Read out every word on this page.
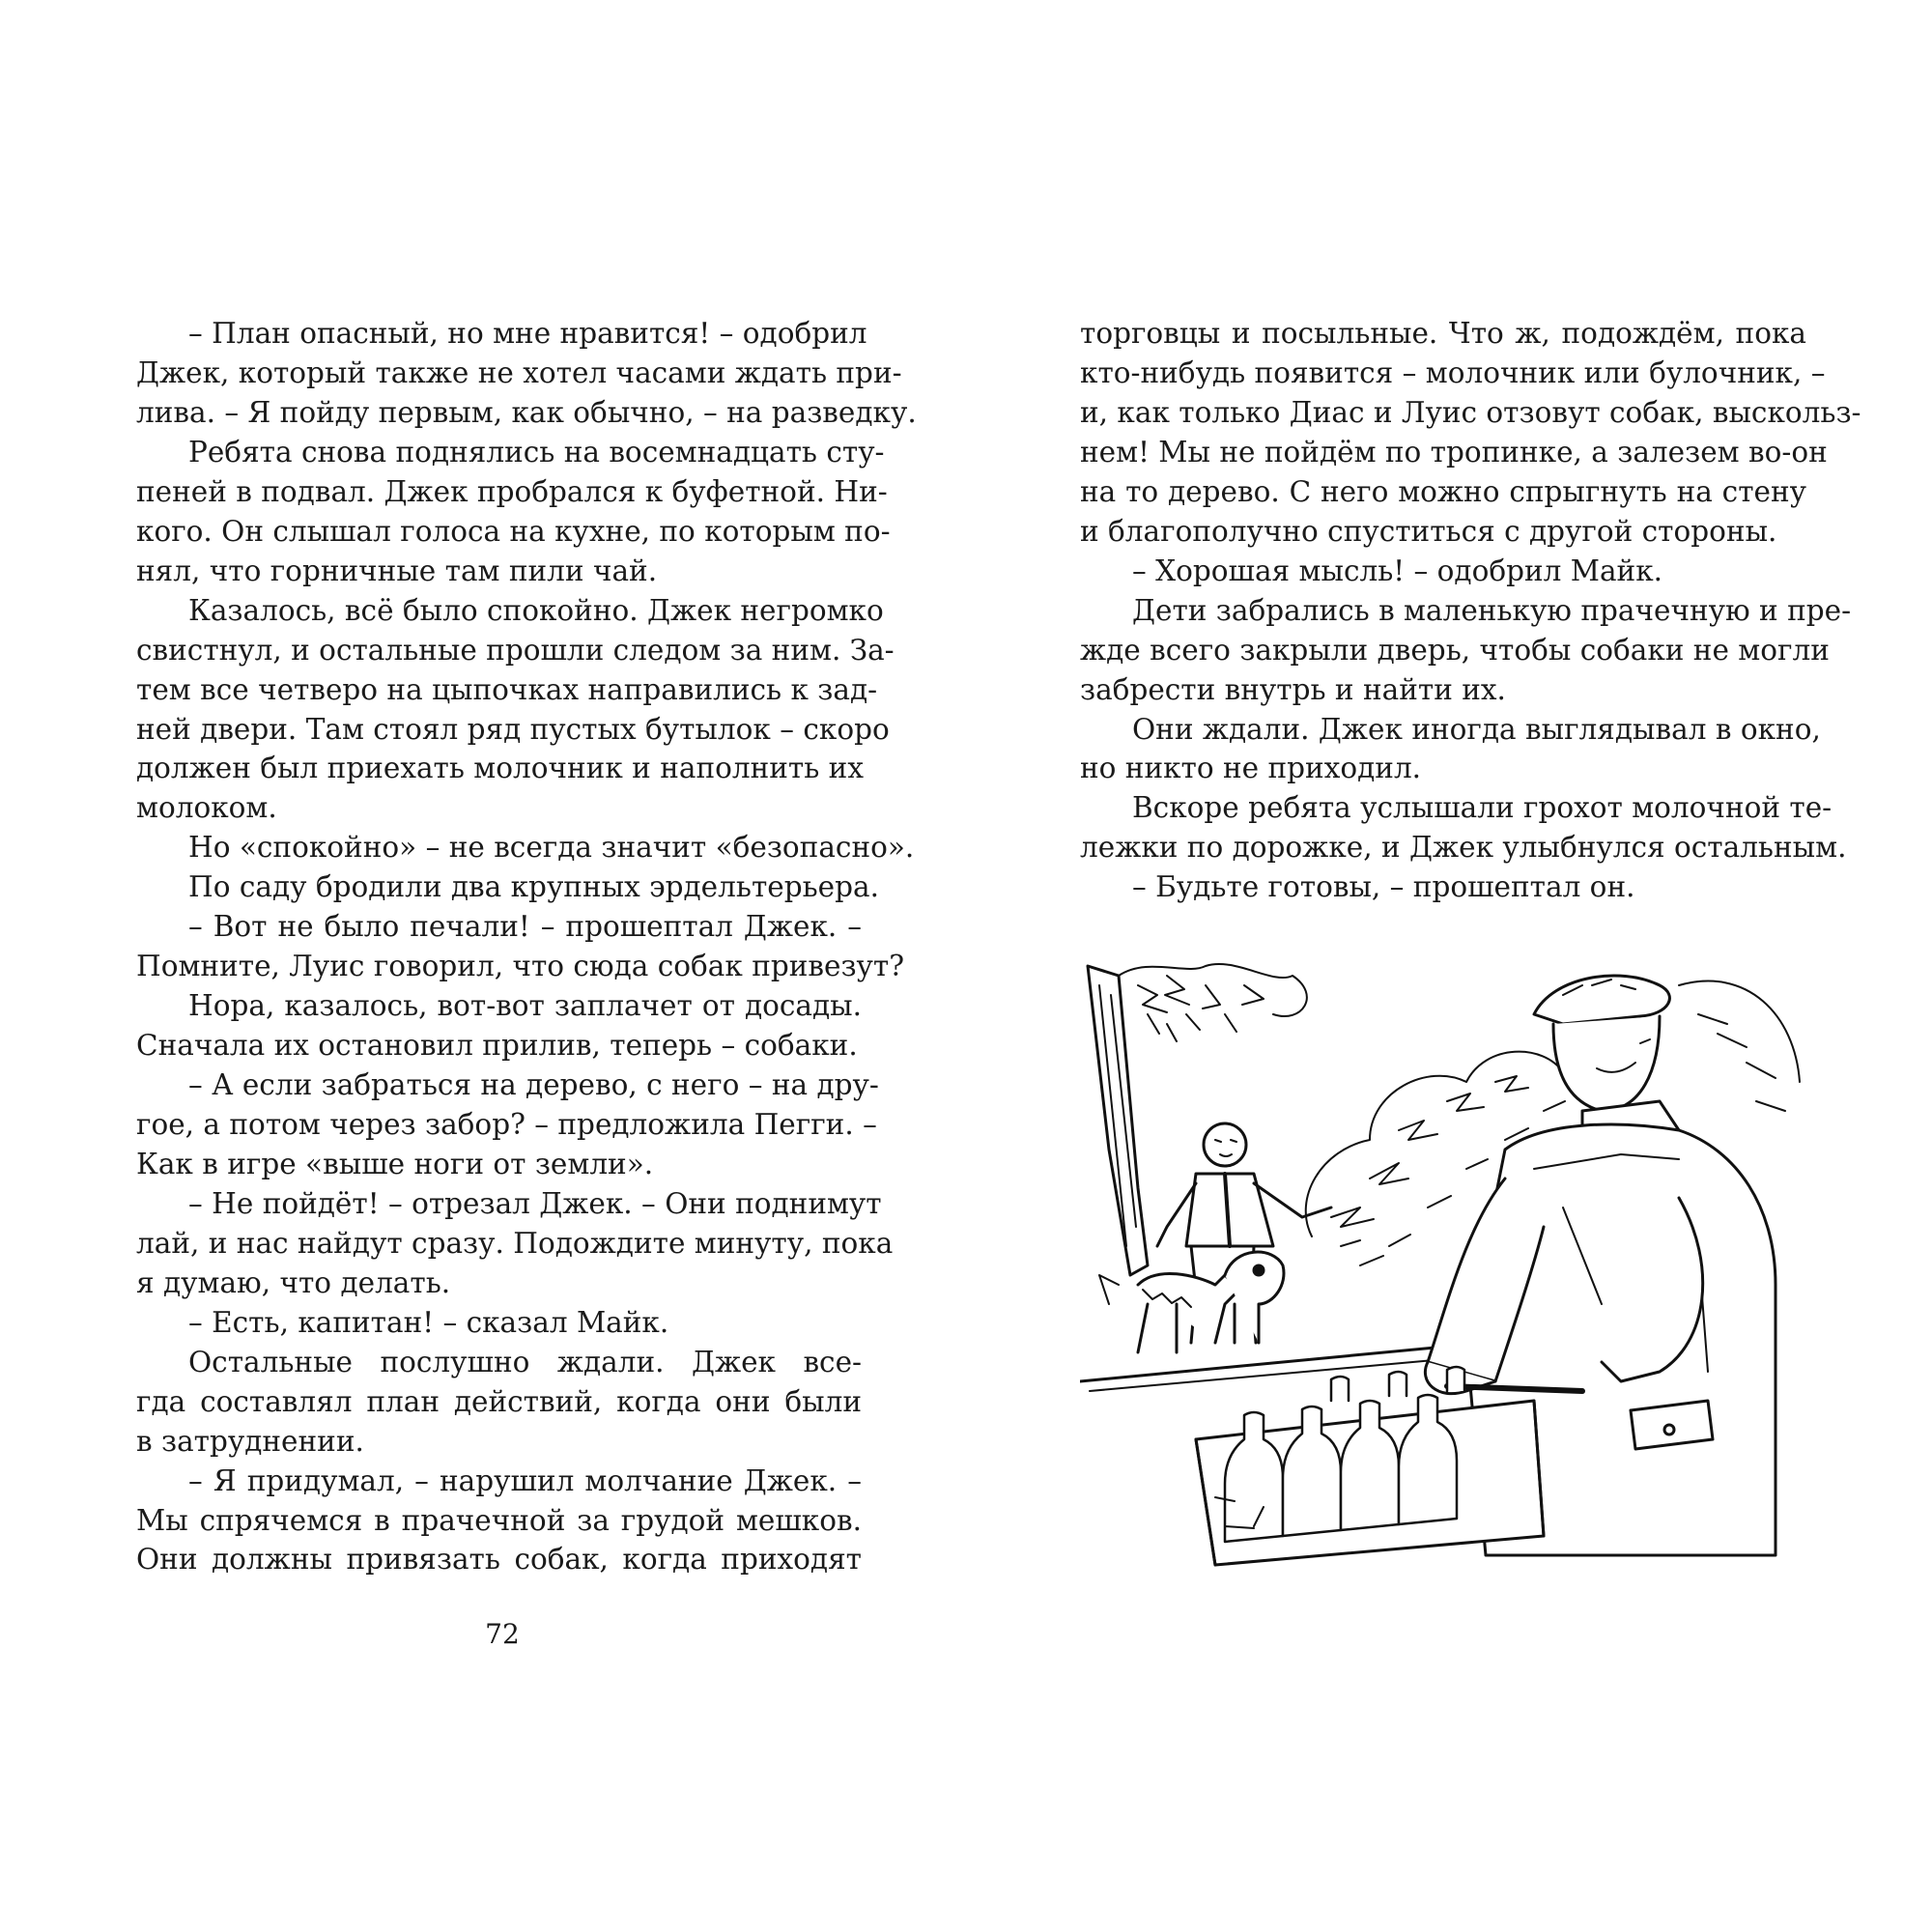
– План опасный, но мне нравится! – одобрил
Джек, который также не хотел часами ждать при-
лива. – Я пойду первым, как обычно, – на разведку.
Ребята снова поднялись на восемнадцать сту-
пеней в подвал. Джек пробрался к буфетной. Ни-
кого. Он слышал голоса на кухне, по которым по-
нял, что горничные там пили чай.
Казалось, всё было спокойно. Джек негромко
свистнул, и остальные прошли следом за ним. За-
тем все четверо на цыпочках направились к зад-
ней двери. Там стоял ряд пустых бутылок – скоро
должен был приехать молочник и наполнить их
молоком.
Но «спокойно» – не всегда значит «безопасно».
По саду бродили два крупных эрдельтерьера.
– Вот не было печали! – прошептал Джек. –
Помните, Луис говорил, что сюда собак привезут?
Нора, казалось, вот-вот заплачет от досады.
Сначала их остановил прилив, теперь – собаки.
– А если забраться на дерево, с него – на дру-
гое, а потом через забор? – предложила Пегги. –
Как в игре «выше ноги от земли».
– Не пойдёт! – отрезал Джек. – Они поднимут
лай, и нас найдут сразу. Подождите минуту, пока
я думаю, что делать.
– Есть, капитан! – сказал Майк.
Остальные послушно ждали. Джек все-
гда составлял план действий, когда они были
в затруднении.
– Я придумал, – нарушил молчание Джек. –
Мы спрячемся в прачечной за грудой мешков.
Они должны привязать собак, когда приходят
торговцы и посыльные. Что ж, подождём, пока
кто-нибудь появится – молочник или булочник, –
и, как только Диас и Луис отзовут собак, выскольз-
нем! Мы не пойдём по тропинке, а залезем во-он
на то дерево. С него можно спрыгнуть на стену
и благополучно спуститься с другой стороны.
– Хорошая мысль! – одобрил Майк.
Дети забрались в маленькую прачечную и пре-
жде всего закрыли дверь, чтобы собаки не могли
забрести внутрь и найти их.
Они ждали. Джек иногда выглядывал в окно,
но никто не приходил.
Вскоре ребята услышали грохот молочной те-
лежки по дорожке, и Джек улыбнулся остальным.
– Будьте готовы, – прошептал он.
72
